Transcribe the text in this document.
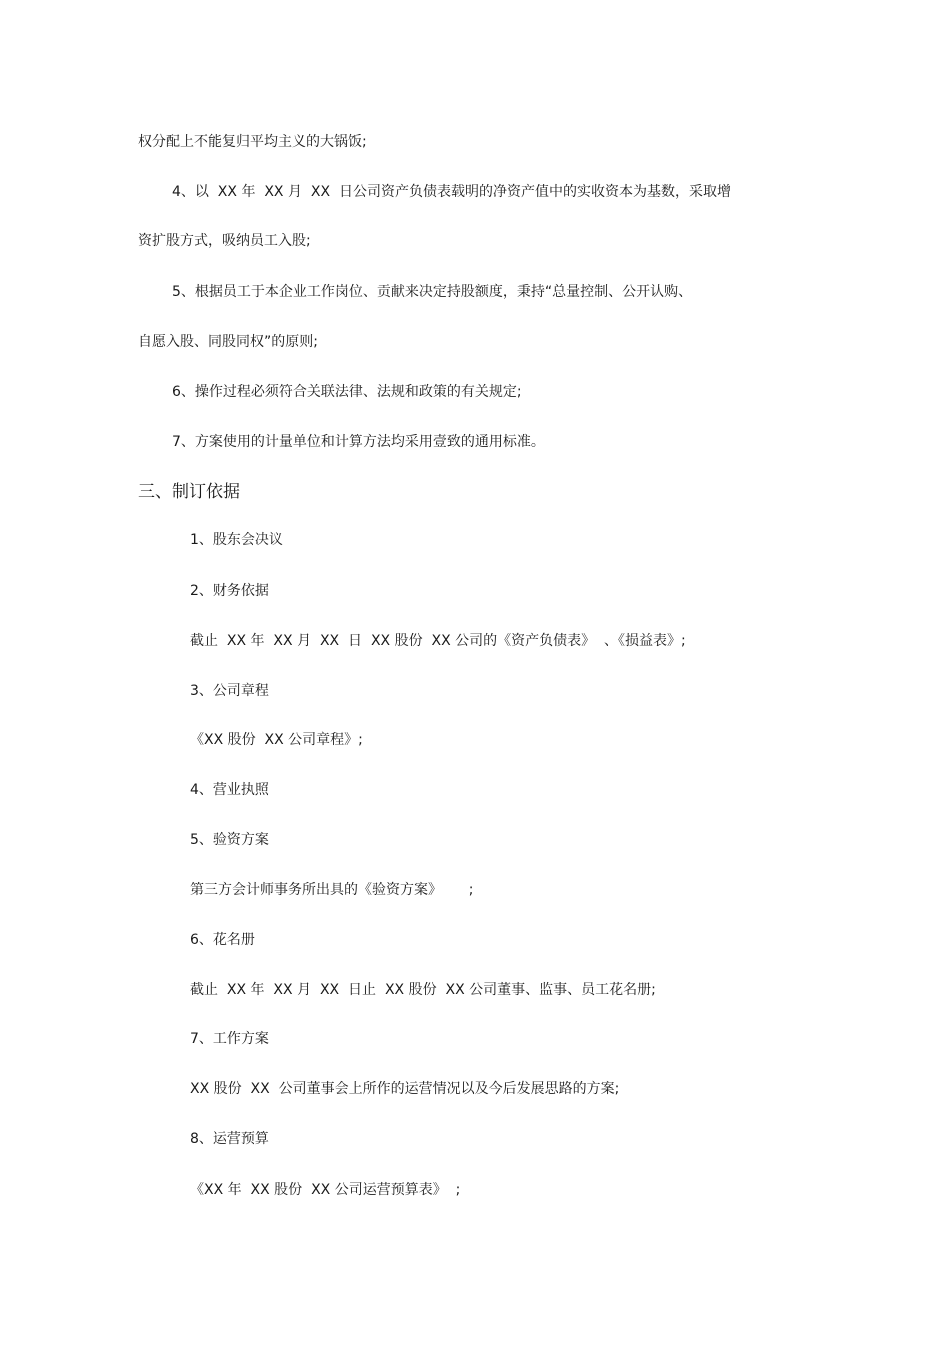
权分配上不能复归平均主义的大锅饭;
4、以  XX 年  XX 月  XX  日公司资产负债表载明的净资产值中的实收资本为基数，采取增
资扩股方式，吸纳员工入股;
5、根据员工于本企业工作岗位、贡献来决定持股额度，秉持“总量控制、公开认购、
自愿入股、同股同权”的原则;
6、操作过程必须符合关联法律、法规和政策的有关规定;
7、方案使用的计量单位和计算方法均采用壹致的通用标准。
三、制订依据
1、股东会决议
2、财务依据
截止  XX 年  XX 月  XX  日  XX 股份  XX 公司的《资产负债表》  、《损益表》;
3、公司章程
《XX 股份  XX 公司章程》;
4、营业执照
5、验资方案
第三方会计师事务所出具的《验资方案》      ;
6、花名册
截止  XX 年  XX 月  XX  日止  XX 股份  XX 公司董事、监事、员工花名册;
7、工作方案
XX 股份  XX  公司董事会上所作的运营情况以及今后发展思路的方案;
8、运营预算
《XX 年  XX 股份  XX 公司运营预算表》  ;
